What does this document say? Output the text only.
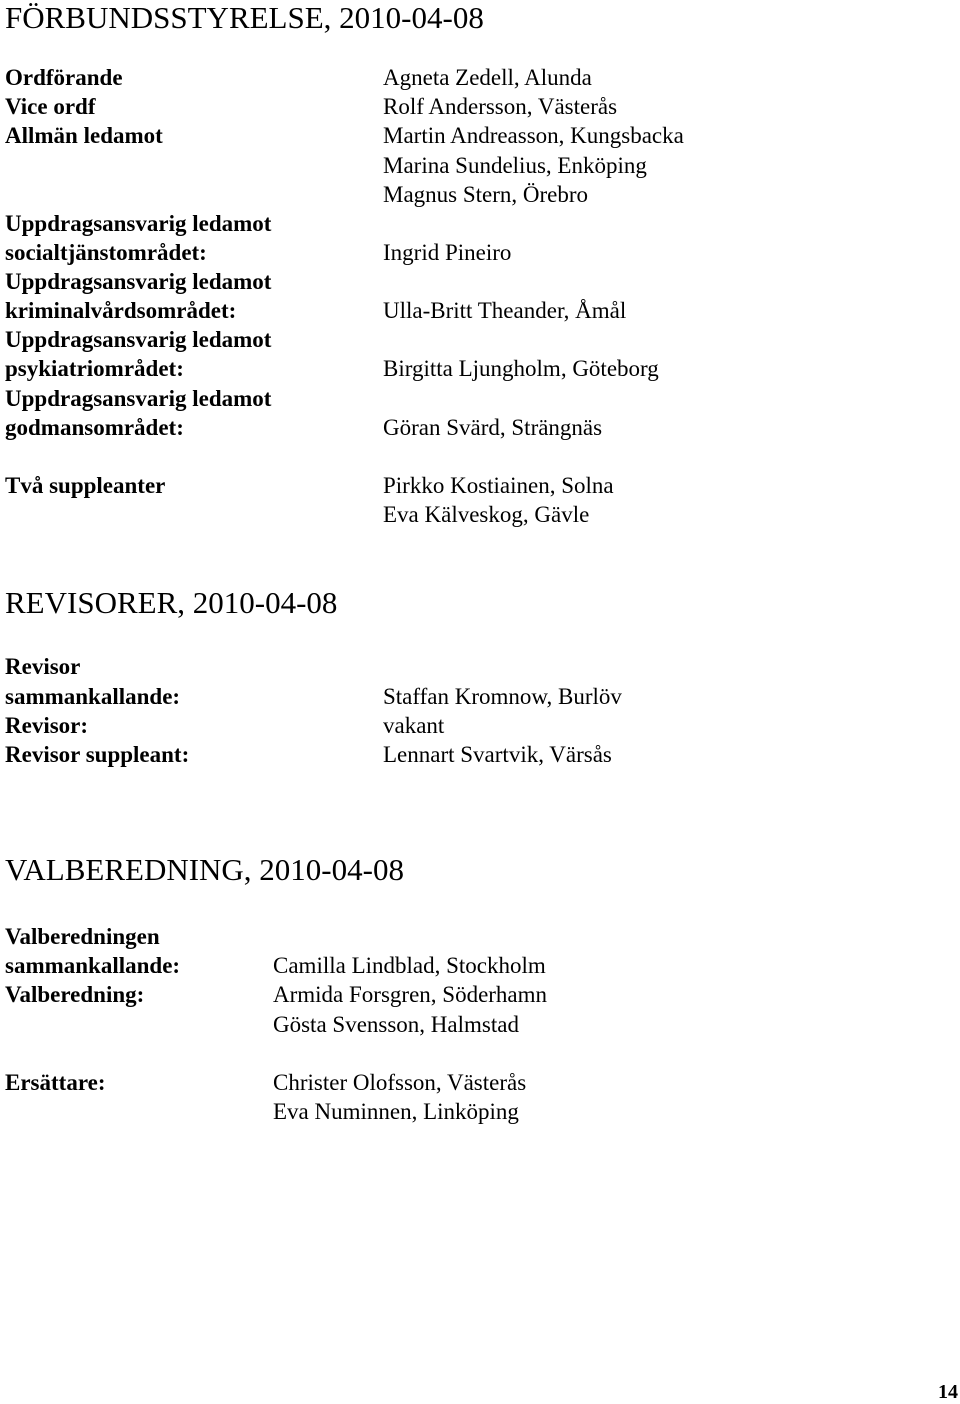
FÖRBUNDSSTYRELSE, 2010-04-08
Ordförande
Vice ordf
Allmän ledamot
Uppdragsansvarig ledamot
socialtjänstområdet:
Uppdragsansvarig ledamot
kriminalvårdsområdet:
Uppdragsansvarig ledamot
psykiatriområdet:
Uppdragsansvarig ledamot
godmansområdet:
Två suppleanter
Agneta Zedell, Alunda
Rolf Andersson, Västerås
Martin Andreasson, Kungsbacka
Marina Sundelius, Enköping
Magnus Stern, Örebro
Ingrid Pineiro
Ulla-Britt Theander, Åmål
Birgitta Ljungholm, Göteborg
Göran Svärd, Strängnäs
Pirkko Kostiainen, Solna
Eva Kälveskog, Gävle
REVISORER, 2010-04-08
Revisor
sammankallande:
Revisor:
Revisor suppleant:
Staffan Kromnow, Burlöv
vakant
Lennart Svartvik, Värsås
VALBEREDNING, 2010-04-08
Valberedningen
sammankallande:
Valberedning:
Ersättare:
Camilla Lindblad, Stockholm
Armida Forsgren, Söderhamn
Gösta Svensson, Halmstad
Christer Olofsson, Västerås
Eva Numinnen, Linköping
14
